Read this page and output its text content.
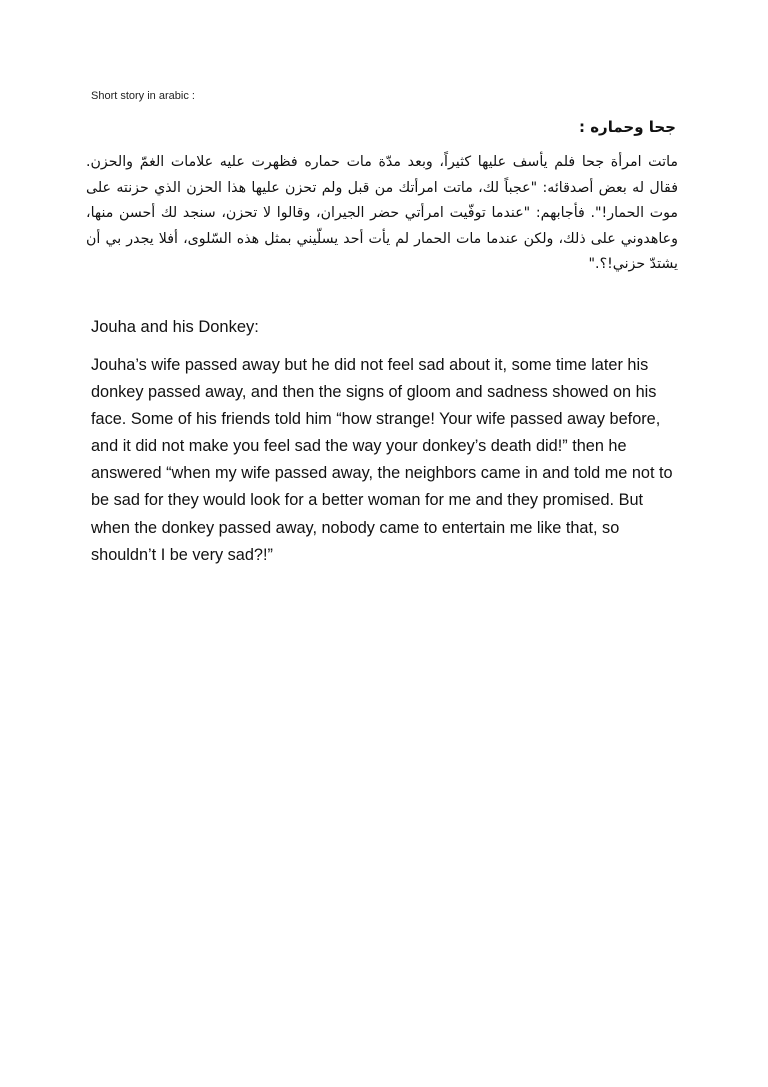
Short story in arabic :
جحا وحماره :
ماتت امرأة جحا فلم يأسف عليها كثيراً، وبعد مدّة مات حماره فظهرت عليه علامات الغمّ والحزن. فقال له بعض أصدقائه: "عجباً لك، ماتت امرأتك من قبل ولم تحزن عليها هذا الحزن الذي حزنته على موت الحمار!". فأجابهم: "عندما توفّيت امرأتي حضر الجيران، وقالوا لا تحزن، سنجد لك أحسن منها، وعاهدوني على ذلك، ولكن عندما مات الحمار لم يأت أحد يسلّيني بمثل هذه السّلوى، أفلا يجدر بي أن يشتدّ حزني!؟."
Jouha and his Donkey:
Jouha’s wife passed away but he did not feel sad about it, some time later his donkey passed away, and then the signs of gloom and sadness showed on his face. Some of his friends told him “how strange! Your wife passed away before, and it did not make you feel sad the way your donkey’s death did!” then he answered “when my wife passed away, the neighbors came in and told me not to be sad for they would look for a better woman for me and they promised. But when the donkey passed away, nobody came to entertain me like that, so shouldn’t I be very sad?!”
